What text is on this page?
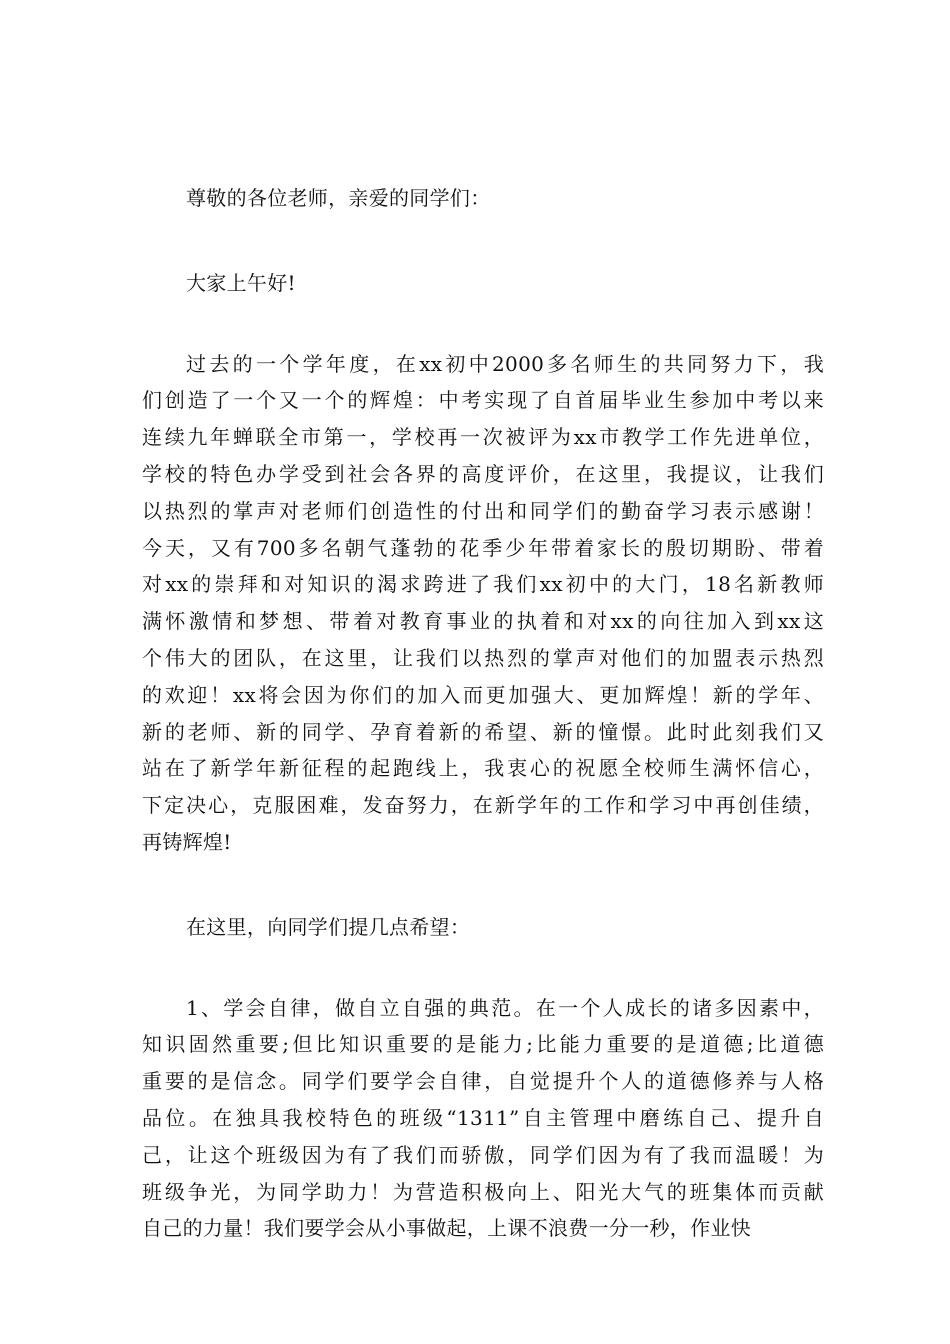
尊敬的各位老师，亲爱的同学们：

大家上午好!

过去的一个学年度，在xx初中2000多名师生的共同努力下，我
们创造了一个又一个的辉煌：中考实现了自首届毕业生参加中考以来
连续九年蝉联全市第一，学校再一次被评为xx市教学工作先进单位，
学校的特色办学受到社会各界的高度评价，在这里，我提议，让我们
以热烈的掌声对老师们创造性的付出和同学们的勤奋学习表示感谢！
今天，又有700多名朝气蓬勃的花季少年带着家长的殷切期盼、带着
对xx的崇拜和对知识的渴求跨进了我们xx初中的大门，18名新教师
满怀激情和梦想、带着对教育事业的执着和对xx的向往加入到xx这
个伟大的团队，在这里，让我们以热烈的掌声对他们的加盟表示热烈
的欢迎！xx将会因为你们的加入而更加强大、更加辉煌！新的学年、
新的老师、新的同学、孕育着新的希望、新的憧憬。此时此刻我们又
站在了新学年新征程的起跑线上，我衷心的祝愿全校师生满怀信心，
下定决心，克服困难，发奋努力，在新学年的工作和学习中再创佳绩，
再铸辉煌!

在这里，向同学们提几点希望：

1、学会自律，做自立自强的典范。在一个人成长的诸多因素中，
知识固然重要;但比知识重要的是能力;比能力重要的是道德;比道德
重要的是信念。同学们要学会自律，自觉提升个人的道德修养与人格
品位。在独具我校特色的班级“1311”自主管理中磨练自己、提升自
己，让这个班级因为有了我们而骄傲，同学们因为有了我而温暖！为
班级争光，为同学助力！为营造积极向上、阳光大气的班集体而贡献
自己的力量！我们要学会从小事做起，上课不浪费一分一秒，作业快
